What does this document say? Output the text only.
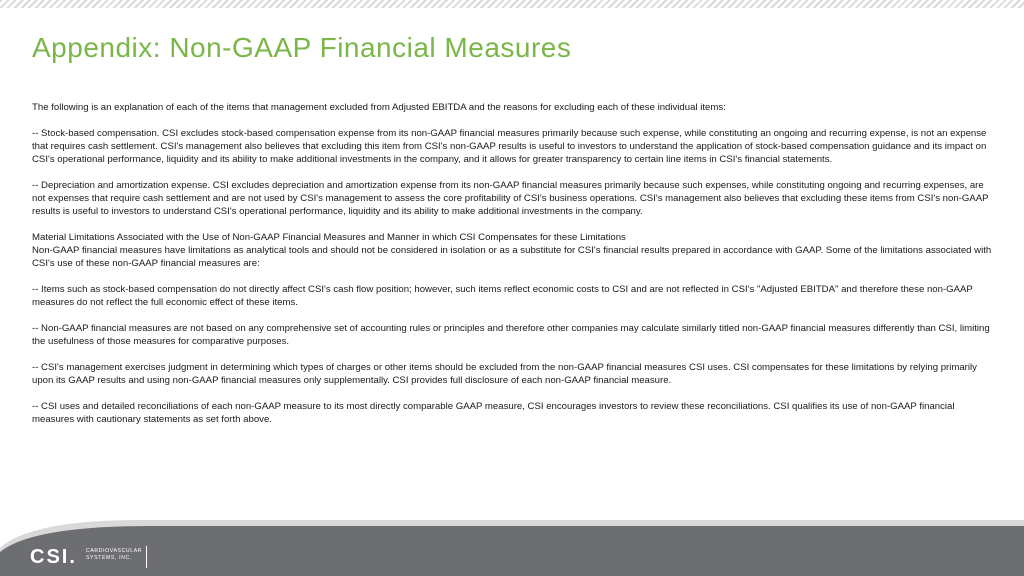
Appendix: Non-GAAP Financial Measures

The following is an explanation of each of the items that management excluded from Adjusted EBITDA and the reasons for excluding each of these individual items:

-- Stock-based compensation. CSI excludes stock-based compensation expense from its non-GAAP financial measures primarily because such expense, while constituting an ongoing and recurring expense, is not an expense that requires cash settlement. CSI's management also believes that excluding this item from CSI's non-GAAP results is useful to investors to understand the application of stock-based compensation guidance and its impact on CSI's operational performance, liquidity and its ability to make additional investments in the company, and it allows for greater transparency to certain line items in CSI's financial statements.

-- Depreciation and amortization expense. CSI excludes depreciation and amortization expense from its non-GAAP financial measures primarily because such expenses, while constituting ongoing and recurring expenses, are not expenses that require cash settlement and are not used by CSI's management to assess the core profitability of CSI's business operations. CSI's management also believes that excluding these items from CSI's non-GAAP results is useful to investors to understand CSI's operational performance, liquidity and its ability to make additional investments in the company.

Material Limitations Associated with the Use of Non-GAAP Financial Measures and Manner in which CSI Compensates for these Limitations

Non-GAAP financial measures have limitations as analytical tools and should not be considered in isolation or as a substitute for CSI's financial results prepared in accordance with GAAP. Some of the limitations associated with CSI's use of these non-GAAP financial measures are:

-- Items such as stock-based compensation do not directly affect CSI's cash flow position; however, such items reflect economic costs to CSI and are not reflected in CSI's "Adjusted EBITDA" and therefore these non-GAAP measures do not reflect the full economic effect of these items.

-- Non-GAAP financial measures are not based on any comprehensive set of accounting rules or principles and therefore other companies may calculate similarly titled non-GAAP financial measures differently than CSI, limiting the usefulness of those measures for comparative purposes.

-- CSI's management exercises judgment in determining which types of charges or other items should be excluded from the non-GAAP financial measures CSI uses. CSI compensates for these limitations by relying primarily upon its GAAP results and using non-GAAP financial measures only supplementally. CSI provides full disclosure of each non-GAAP financial measure.

-- CSI uses and detailed reconciliations of each non-GAAP measure to its most directly comparable GAAP measure, CSI encourages investors to review these reconciliations. CSI qualifies its use of non-GAAP financial measures with cautionary statements as set forth above.

CSI. CARDIOVASCULAR
SYSTEMS, INC.
